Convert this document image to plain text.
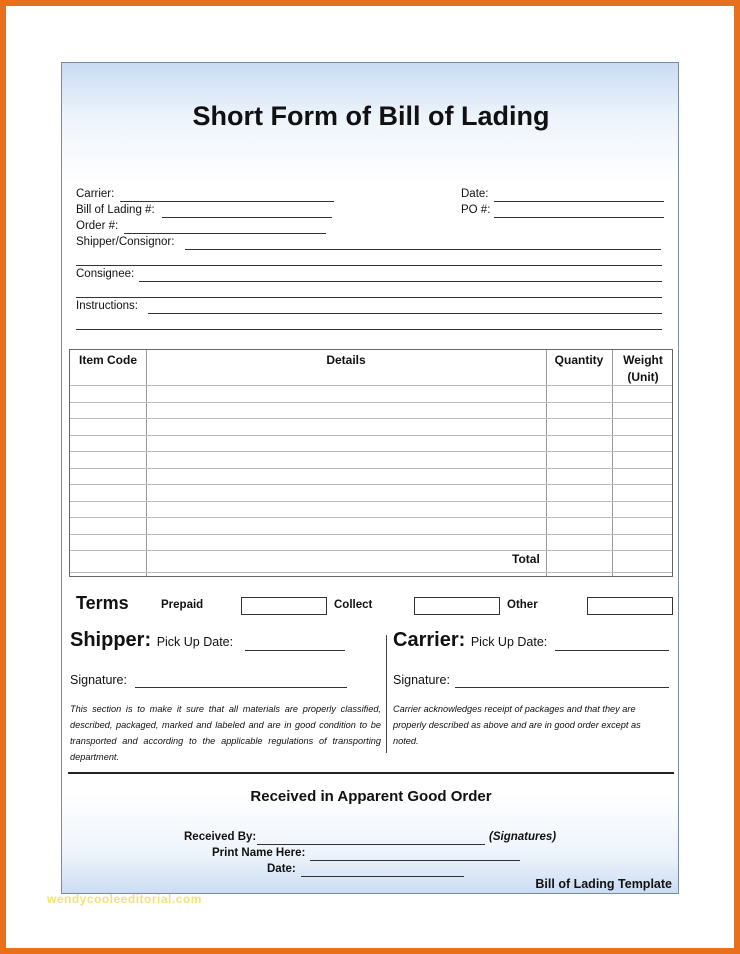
Short Form of Bill of Lading
Carrier:	Date:
Bill of Lading #:	PO #:
Order #:
Shipper/Consignor:
Consignee:
Instructions:
Item Code	Details	Quantity	Weight
(Unit)
Total
Terms	Prepaid	Collect	Other
Shipper: Pick Up Date:
Signature:
This section is to make it sure that all materials are properly classified, described, packaged, marked and labeled and are in good condition to be transported and according to the applicable regulations of transporting department.
Carrier: Pick Up Date:
Signature:
Carrier acknowledges receipt of packages and that they are properly described as above and are in good order except as noted.
Received in Apparent Good Order
Received By:	(Signatures)
Print Name Here:
Date:
Bill of Lading Template
wendycooleeditorial.com
